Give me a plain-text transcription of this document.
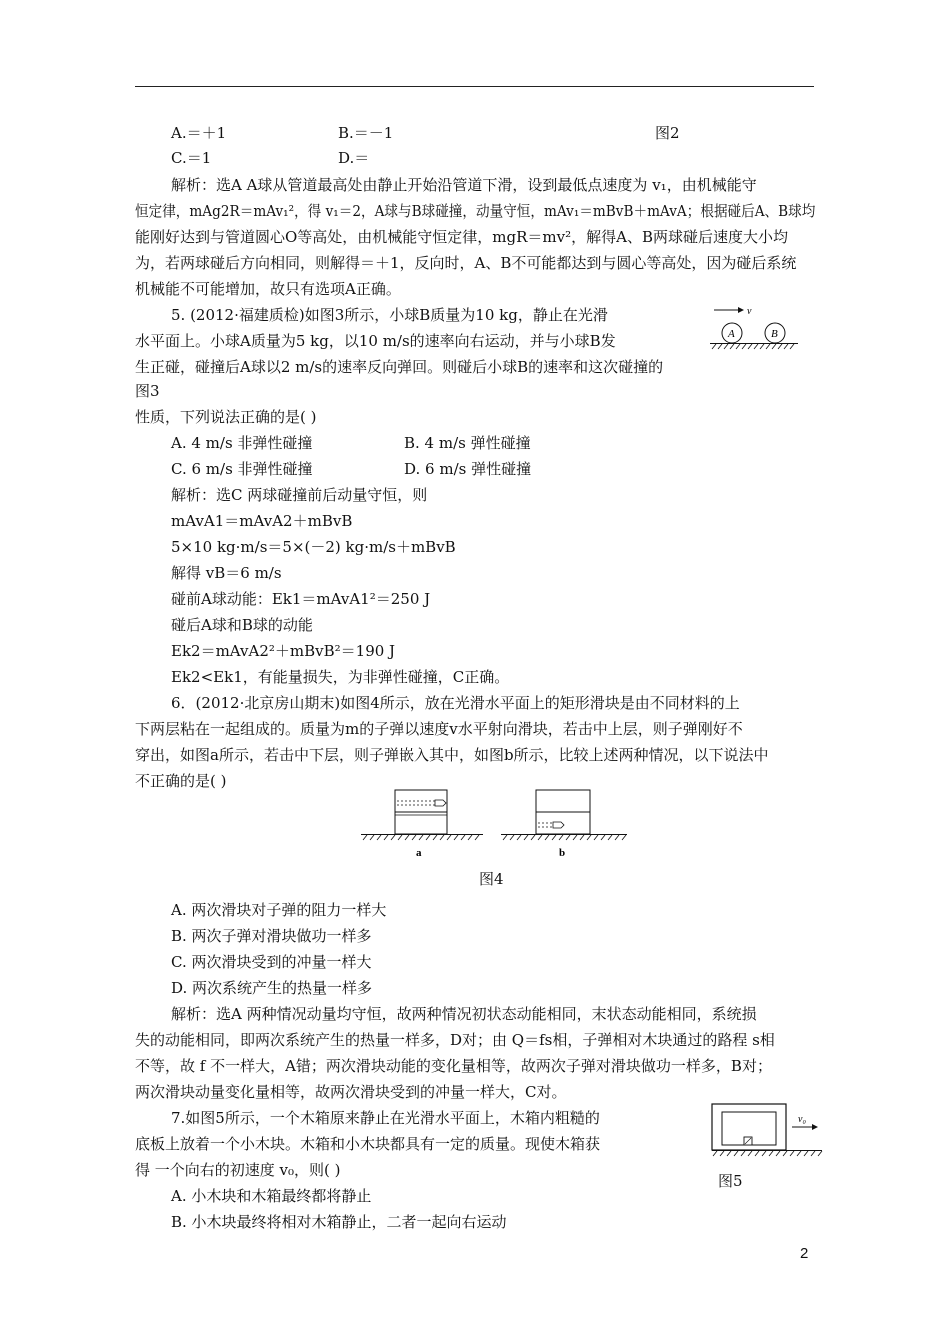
A.＝＋1	B.＝－1	图2
C.＝1	D.＝
解析：选A A球从管道最高处由静止开始沿管道下滑，设到最低点速度为 v₁，由机械能守
恒定律，mAg2R＝mAv₁²，得 v₁＝2，A球与B球碰撞，动量守恒，mAv₁＝mBvB＋mAvA；根据碰后A、B球均
能刚好达到与管道圆心O等高处，由机械能守恒定律，mgR＝mv²，解得A、B两球碰后速度大小均
为，若两球碰后方向相同，则解得＝＋1，反向时，A、B不可能都达到与圆心等高处，因为碰后系统
机械能不可能增加，故只有选项A正确。
5. (2012·福建质检)如图3所示，小球B质量为10 kg，静止在光滑
水平面上。小球A质量为5 kg，以10 m/s的速率向右运动，并与小球B发
生正碰，碰撞后A球以2 m/s的速率反向弹回。则碰后小球B的速率和这次碰撞的
图3
性质，下列说法正确的是( )
A. 4 m/s 非弹性碰撞	B. 4 m/s 弹性碰撞
C. 6 m/s 非弹性碰撞	D. 6 m/s 弹性碰撞
解析：选C 两球碰撞前后动量守恒，则
mAvA1＝mAvA2＋mBvB
5×10 kg·m/s＝5×(－2) kg·m/s＋mBvB
解得 vB＝6 m/s
碰前A球动能：Ek1＝mAvA1²＝250 J
碰后A球和B球的动能
Ek2＝mAvA2²＋mBvB²＝190 J
Ek2<Ek1，有能量损失，为非弹性碰撞，C正确。
6．(2012·北京房山期末)如图4所示，放在光滑水平面上的矩形滑块是由不同材料的上
下两层粘在一起组成的。质量为m的子弹以速度v水平射向滑块，若击中上层，则子弹刚好不
穿出，如图a所示，若击中下层，则子弹嵌入其中，如图b所示，比较上述两种情况，以下说法中
不正确的是( )
A. 两次滑块对子弹的阻力一样大
B. 两次子弹对滑块做功一样多
C. 两次滑块受到的冲量一样大
D. 两次系统产生的热量一样多
解析：选A 两种情况动量均守恒，故两种情况初状态动能相同，末状态动能相同，系统损
失的动能相同，即两次系统产生的热量一样多，D对；由 Q＝fs相，子弹相对木块通过的路程 s相
不等，故 f 不一样大，A错；两次滑块动能的变化量相等，故两次子弹对滑块做功一样多，B对；
两次滑块动量变化量相等，故两次滑块受到的冲量一样大，C对。
7.如图5所示，一个木箱原来静止在光滑水平面上，木箱内粗糙的
底板上放着一个小木块。木箱和小木块都具有一定的质量。现使木箱获
得 一个向右的初速度 v₀，则( )
A. 小木块和木箱最终都将静止
B. 小木块最终将相对木箱静止，二者一起向右运动
v
A	B
a	b
图4
v₀
图5
2
